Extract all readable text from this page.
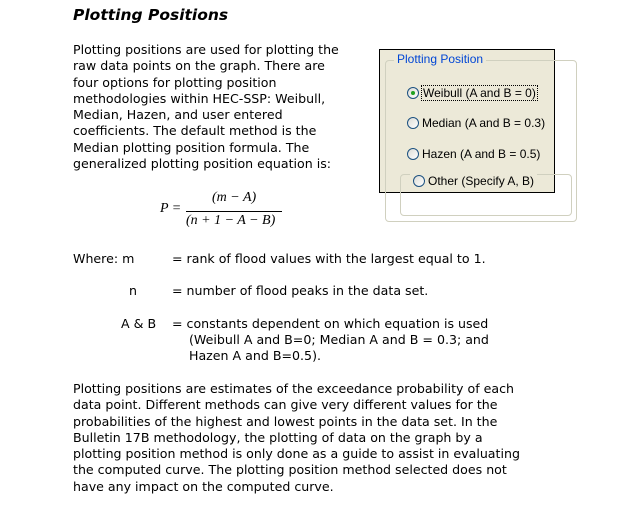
Plotting Positions
Plotting positions are used for plotting the
raw data points on the graph. There are
four options for plotting position
methodologies within HEC-SSP: Weibull,
Median, Hazen, and user entered
coefficients. The default method is the
Median plotting position formula. The
generalized plotting position equation is:
Plotting Position
Weibull (A and B = 0)
Median (A and B = 0.3)
Hazen (A and B = 0.5)
Other (Specify A, B)
P =
(m − A)
(n + 1 − A − B)
Where: m	= rank of flood values with the largest equal to 1.
n	= number of flood peaks in the data set.
A & B = constants dependent on which equation is used
(Weibull A and B=0; Median A and B = 0.3; and
Hazen A and B=0.5).
Plotting positions are estimates of the exceedance probability of each
data point. Different methods can give very different values for the
probabilities of the highest and lowest points in the data set. In the
Bulletin 17B methodology, the plotting of data on the graph by a
plotting position method is only done as a guide to assist in evaluating
the computed curve. The plotting position method selected does not
have any impact on the computed curve.
